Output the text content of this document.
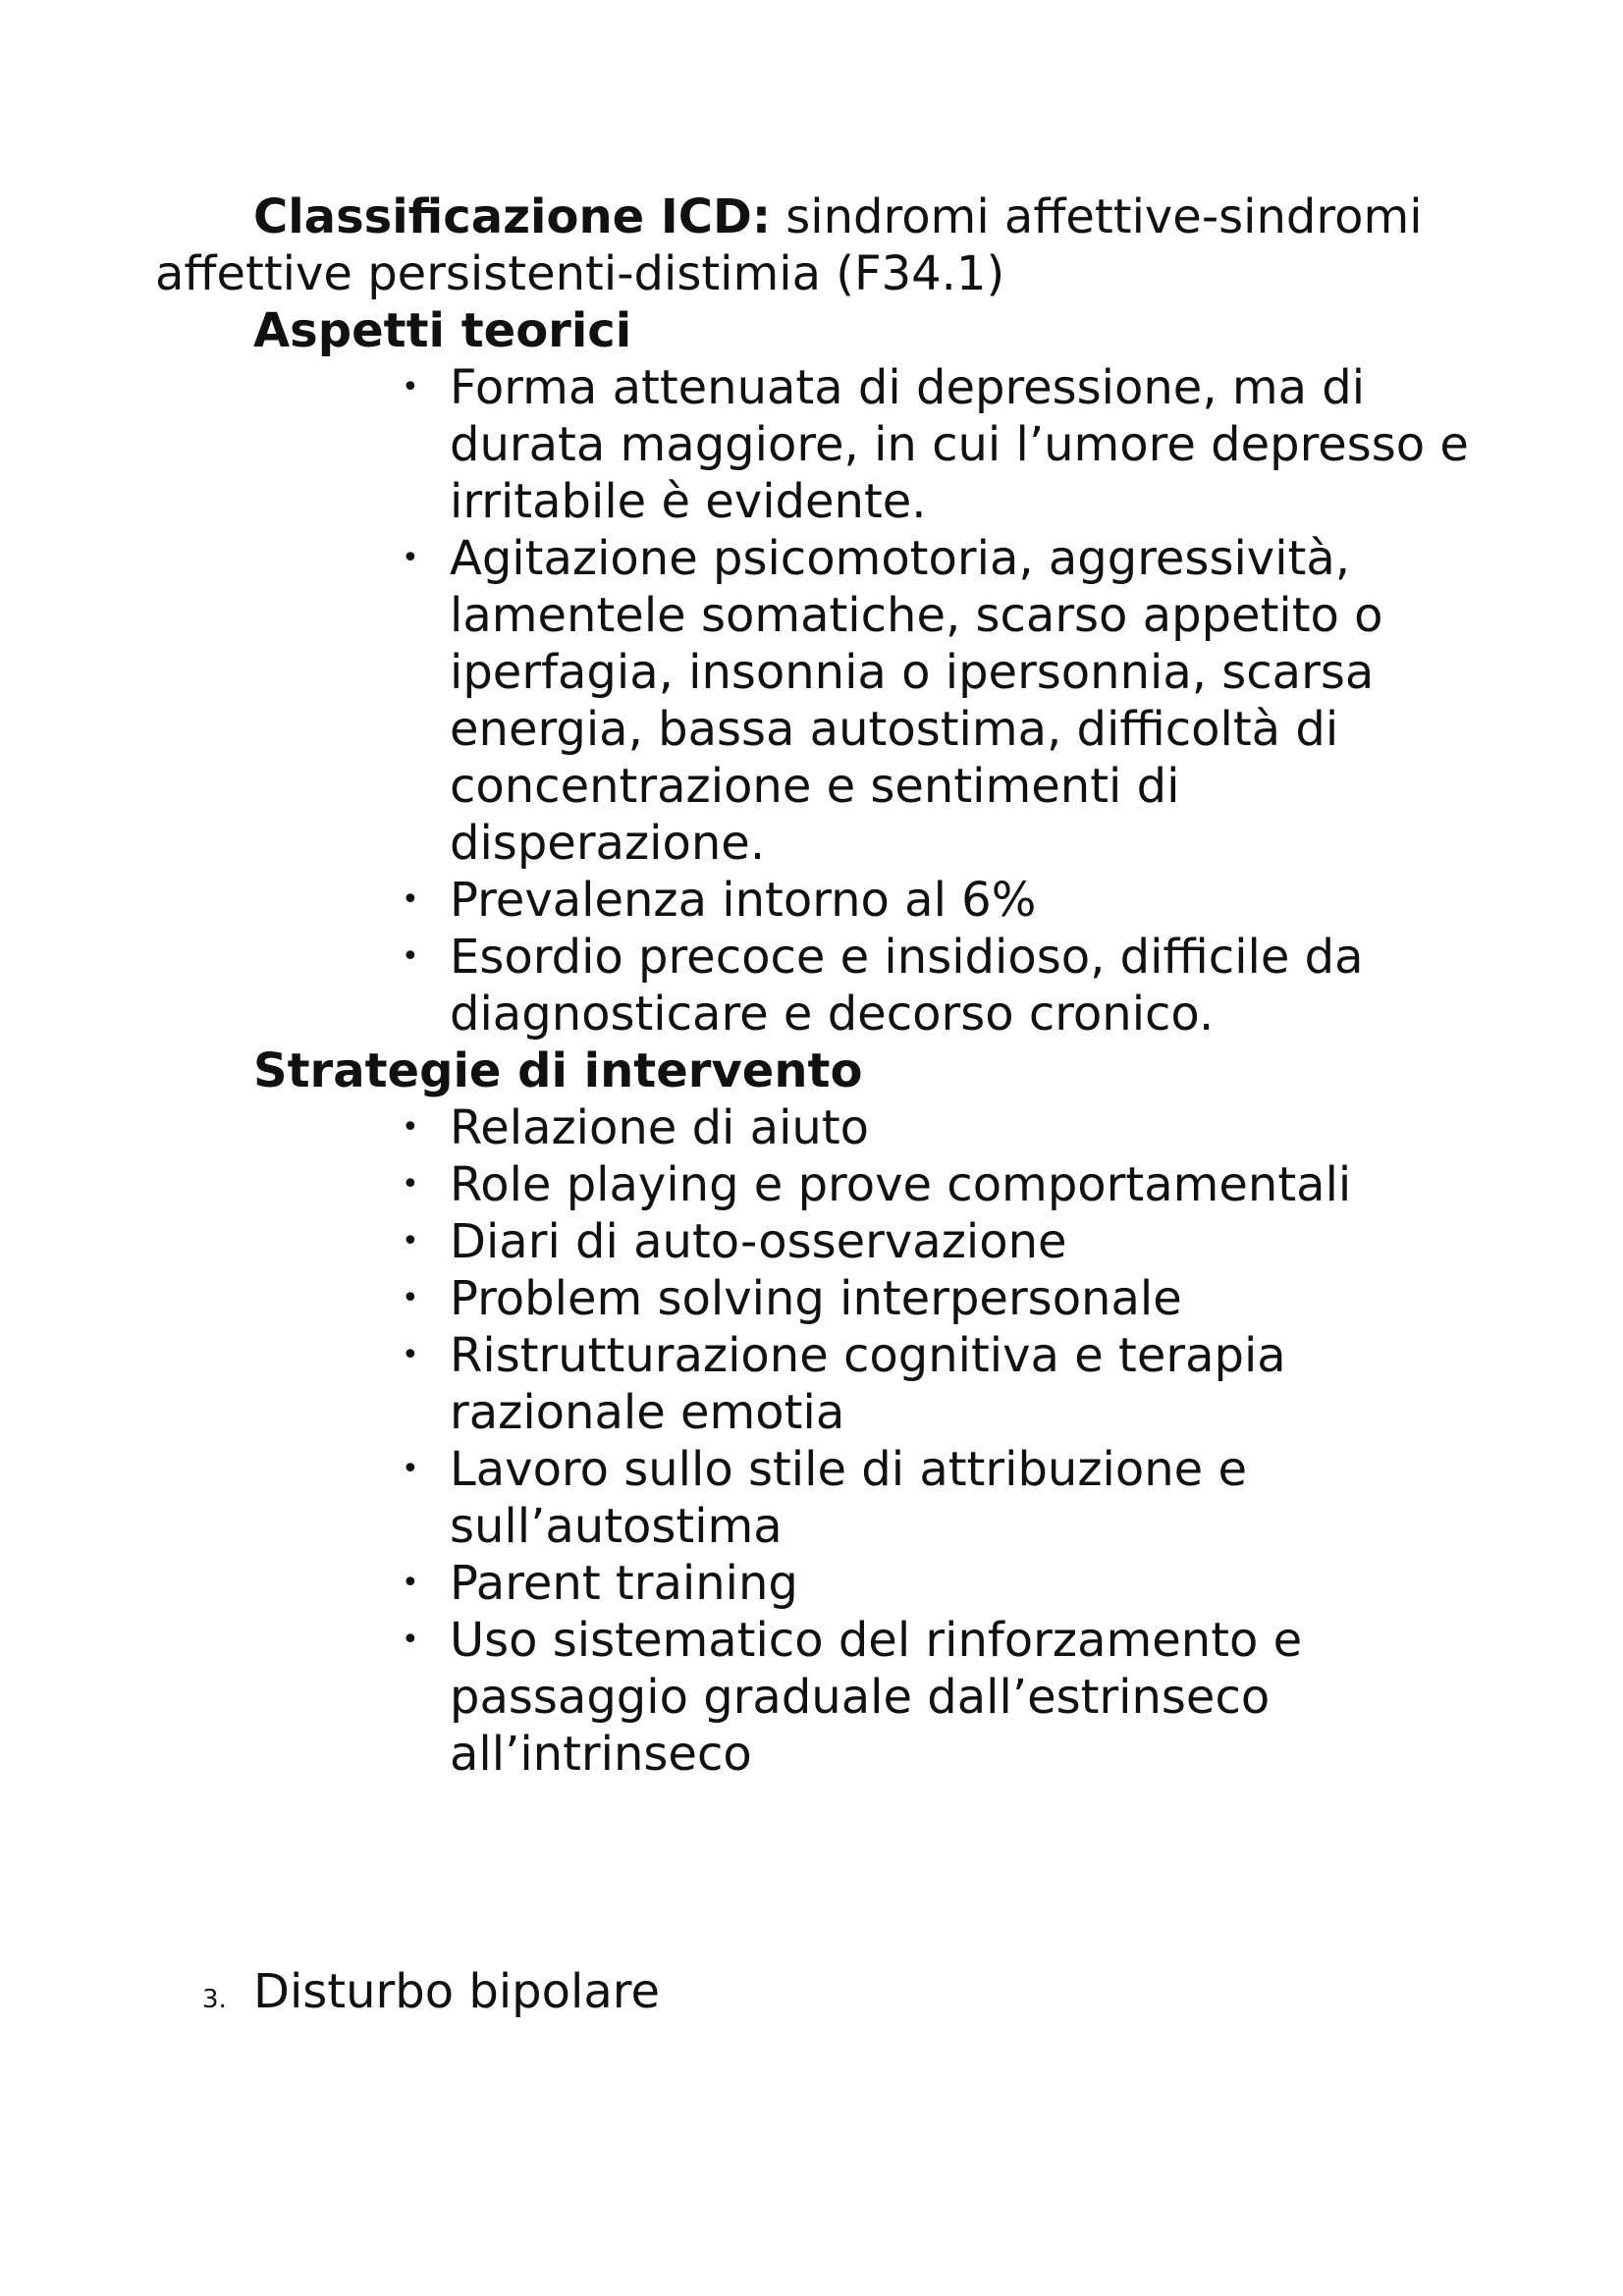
Classificazione ICD: sindromi affettive-sindromi affettive persistenti-distimia (F34.1)

Aspetti teorici
• Forma attenuata di depressione, ma di durata maggiore, in cui l’umore depresso e irritabile è evidente.
• Agitazione psicomotoria, aggressività, lamentele somatiche, scarso appetito o iperfagia, insonnia o ipersonnia, scarsa energia, bassa autostima, difficoltà di concentrazione e sentimenti di disperazione.
• Prevalenza intorno al 6%
• Esordio precoce e insidioso, difficile da diagnosticare e decorso cronico.
Strategie di intervento
• Relazione di aiuto
• Role playing e prove comportamentali
• Diari di auto-osservazione
• Problem solving interpersonale
• Ristrutturazione cognitiva e terapia razionale emotia
• Lavoro sullo stile di attribuzione e sull’autostima
• Parent training
• Uso sistematico del rinforzamento e passaggio graduale dall’estrinseco all’intrinseco
3. Disturbo bipolare
